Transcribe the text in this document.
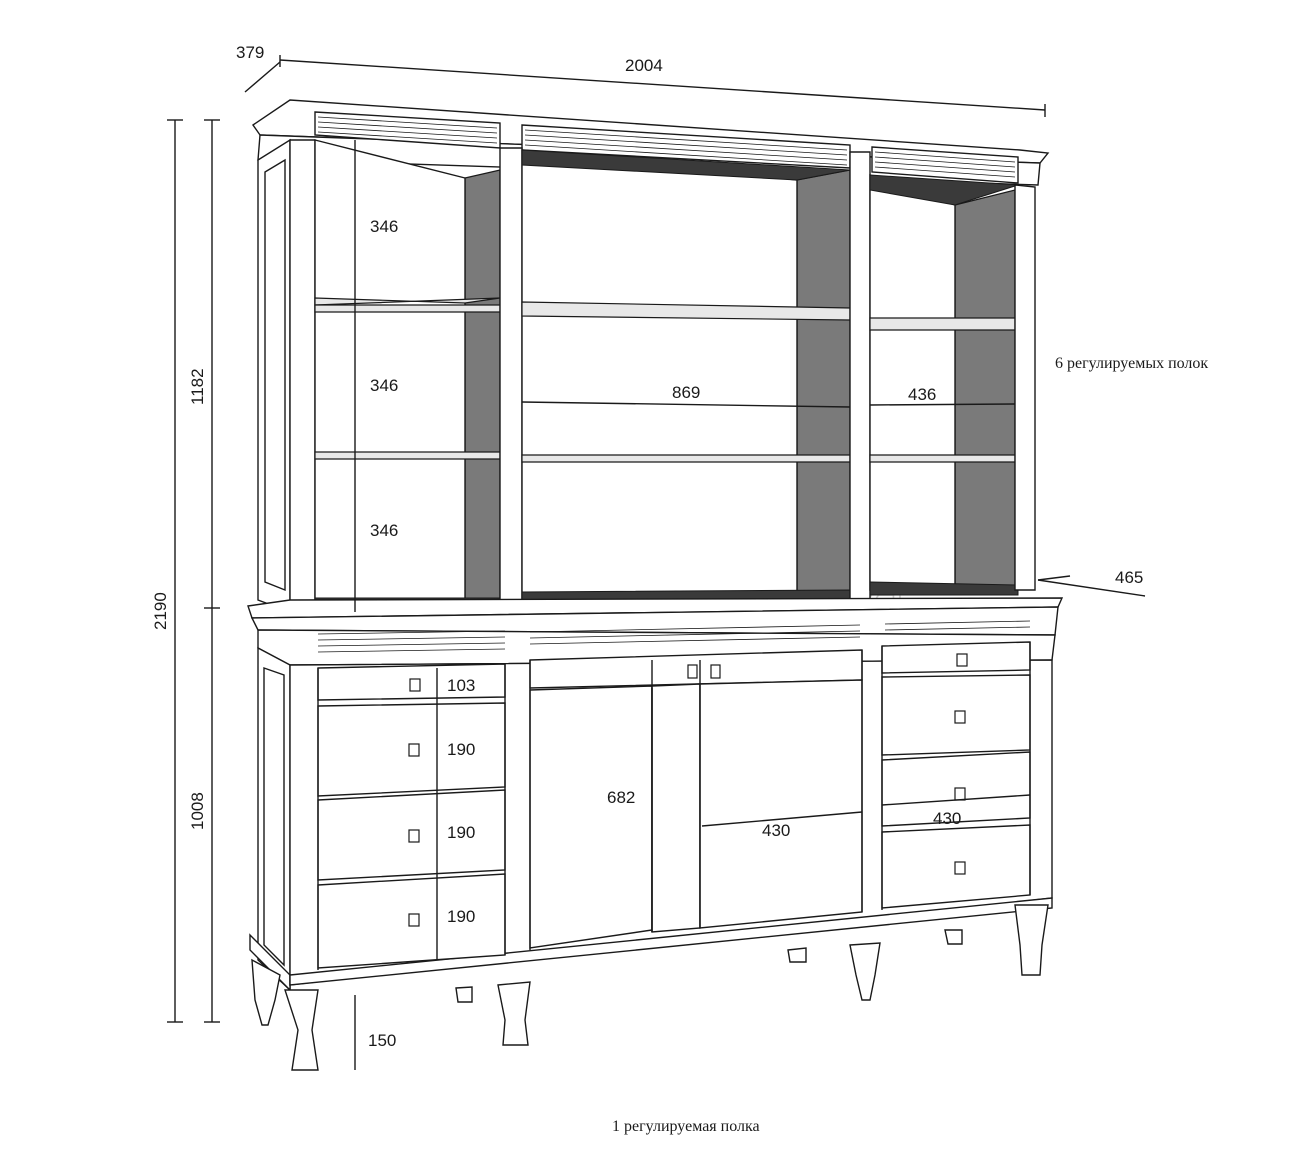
2004
379
2190
1182
1008
346
346
346
869	436
465
103
190
190
190
682
430
430
150
6 регулируемых полок
1 регулируемая полка
